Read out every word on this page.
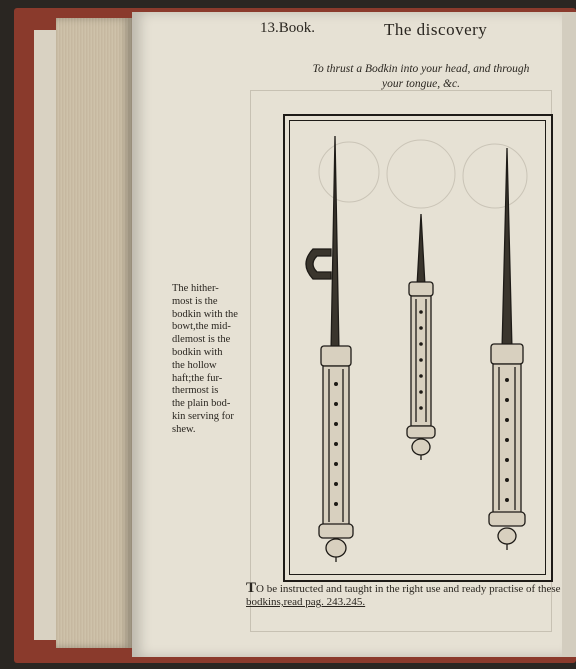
13.Book.	The discovery
To thrust a Bodkin into your head, and through
your tongue, &c.
The hither-
most is the
bodkin with the
bowt,the mid-
dlemost is the
bodkin with
the hollow
haft;the fur-
thermost is
the plain bod-
kin serving for
shew.
TO be instructed and taught in the right use and ready practise of these
bodkins,read pag. 243.245.
